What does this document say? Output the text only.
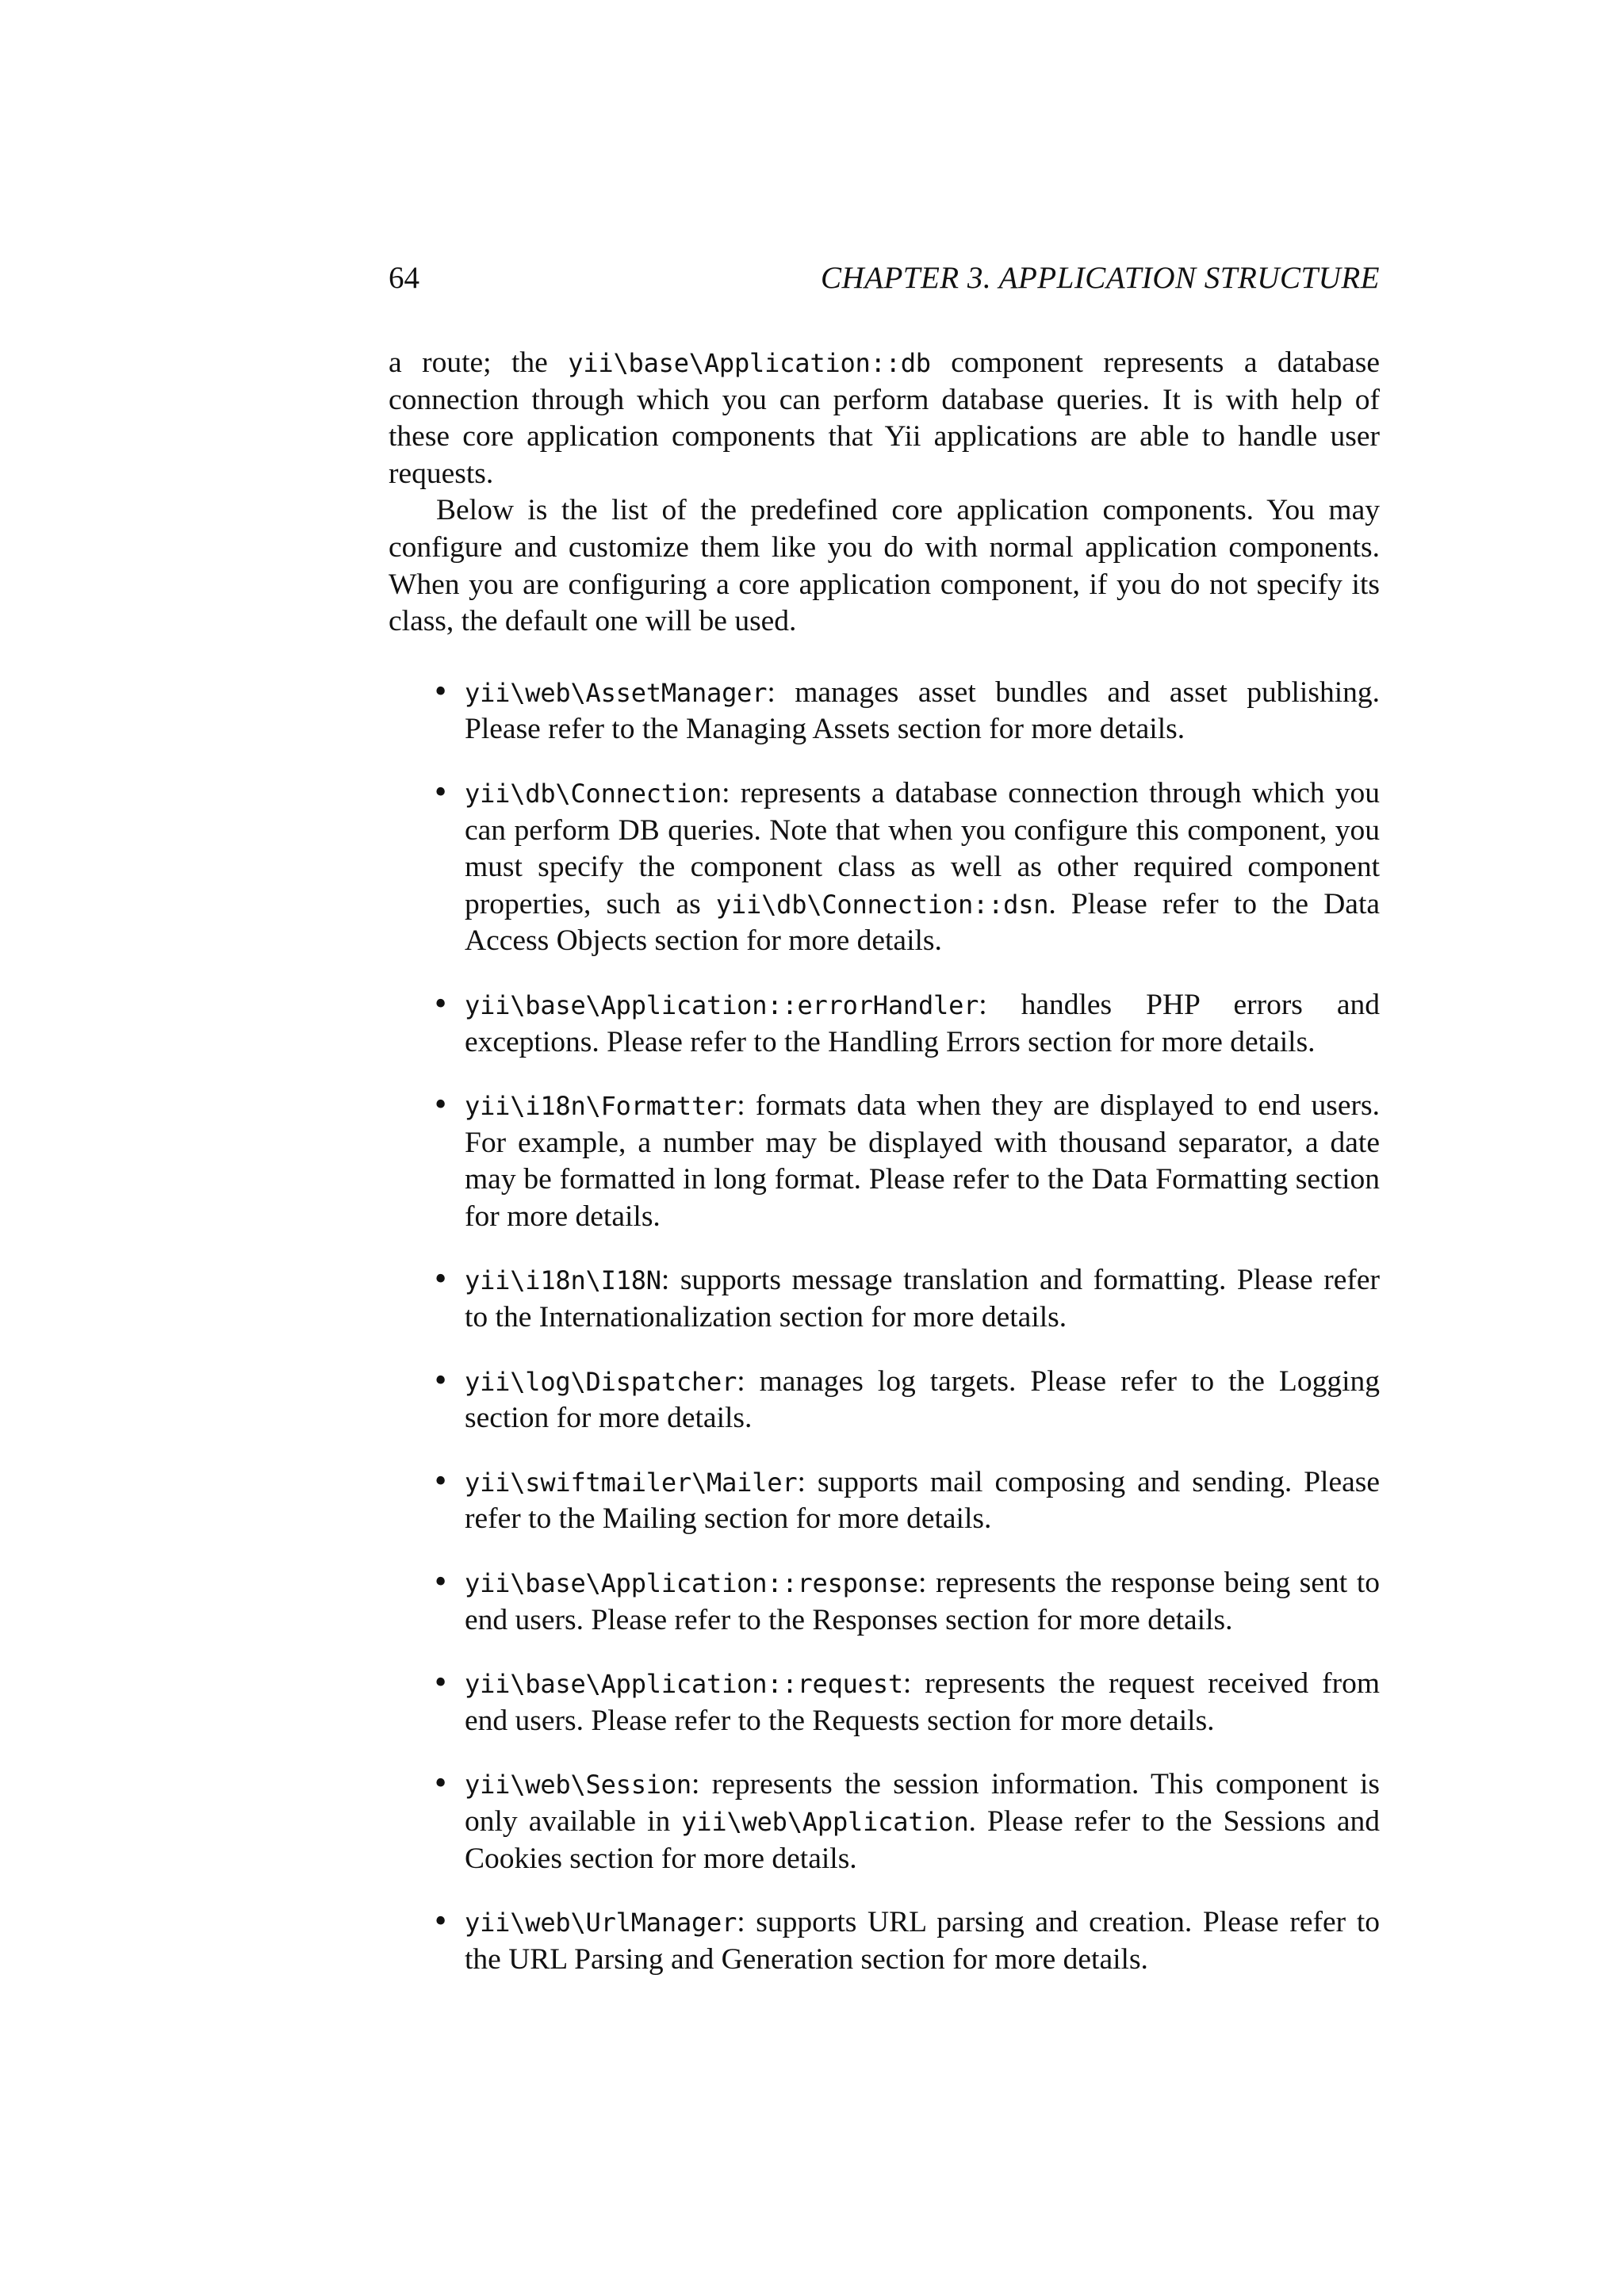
64	CHAPTER 3. APPLICATION STRUCTURE

a route; the yii\base\Application::db component represents a database connection through which you can perform database queries. It is with help of these core application components that Yii applications are able to handle user requests.

Below is the list of the predefined core application components. You may configure and customize them like you do with normal application components. When you are configuring a core application component, if you do not specify its class, the default one will be used.

• yii\web\AssetManager: manages asset bundles and asset publishing. Please refer to the Managing Assets section for more details.
• yii\db\Connection: represents a database connection through which you can perform DB queries. Note that when you configure this component, you must specify the component class as well as other required component properties, such as yii\db\Connection::dsn. Please refer to the Data Access Objects section for more details.
• yii\base\Application::errorHandler: handles PHP errors and exceptions. Please refer to the Handling Errors section for more details.
• yii\i18n\Formatter: formats data when they are displayed to end users. For example, a number may be displayed with thousand separator, a date may be formatted in long format. Please refer to the Data Formatting section for more details.
• yii\i18n\I18N: supports message translation and formatting. Please refer to the Internationalization section for more details.
• yii\log\Dispatcher: manages log targets. Please refer to the Logging section for more details.
• yii\swiftmailer\Mailer: supports mail composing and sending. Please refer to the Mailing section for more details.
• yii\base\Application::response: represents the response being sent to end users. Please refer to the Responses section for more details.
• yii\base\Application::request: represents the request received from end users. Please refer to the Requests section for more details.
• yii\web\Session: represents the session information. This component is only available in yii\web\Application. Please refer to the Sessions and Cookies section for more details.
• yii\web\UrlManager: supports URL parsing and creation. Please refer to the URL Parsing and Generation section for more details.
